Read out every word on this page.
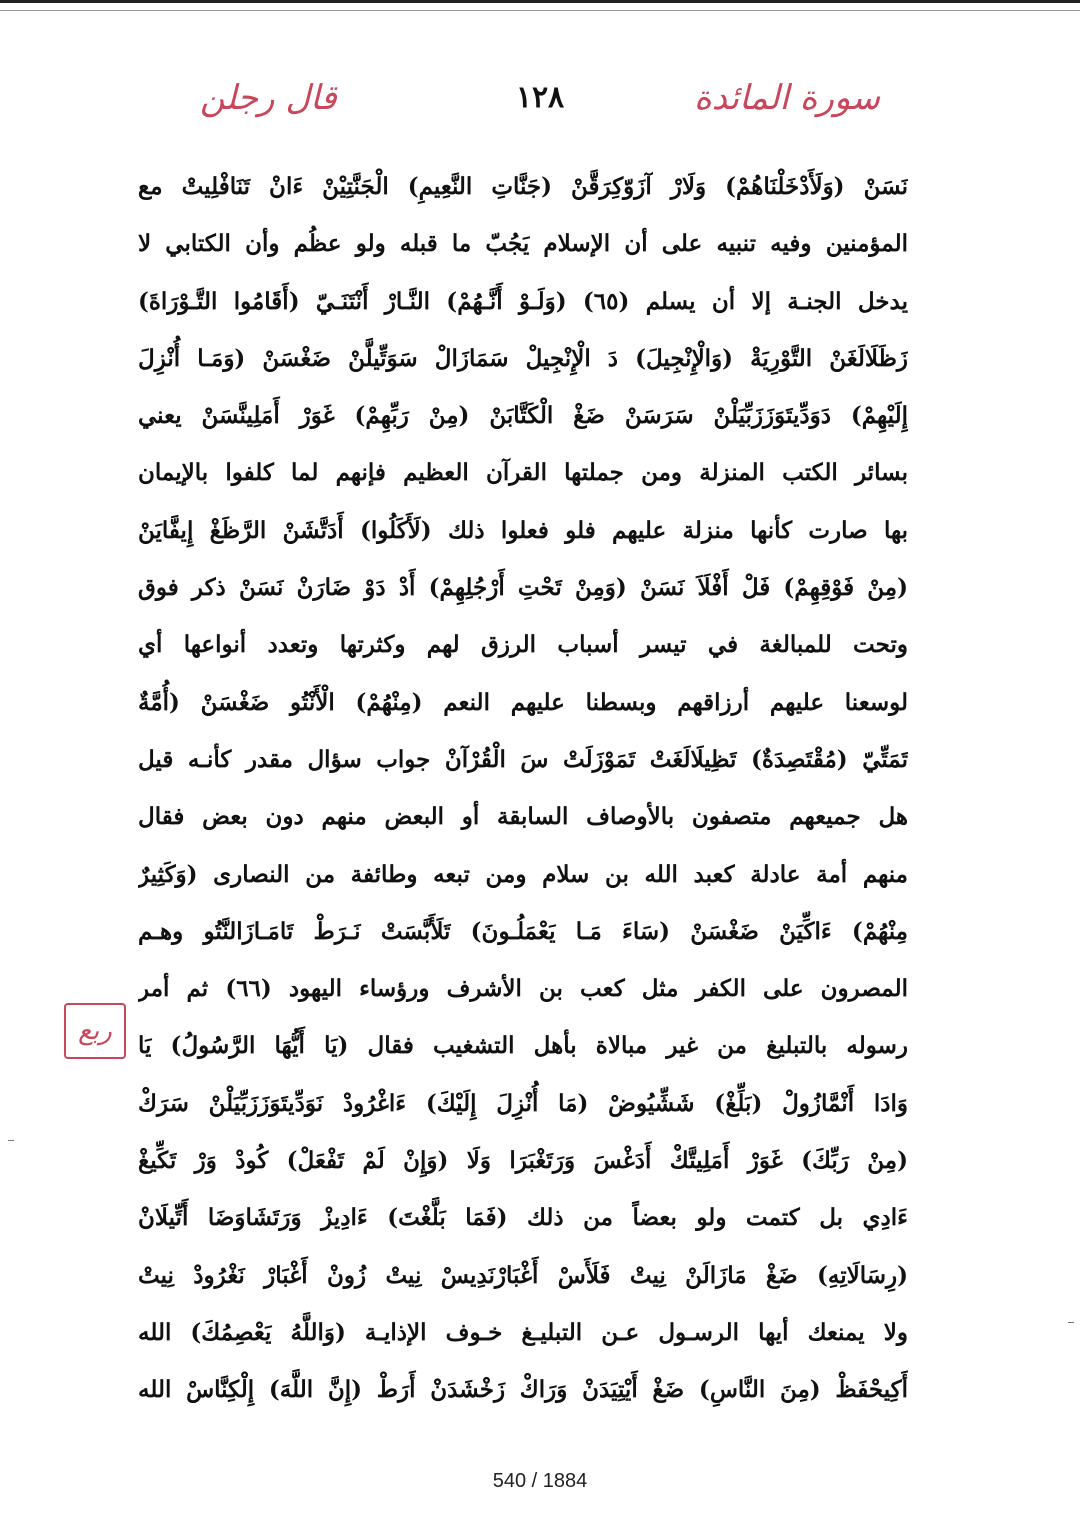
قال رجلن	١٢٨	سورة المائدة
نَسَنْ (وَلَأَدْخَلْنَاهُمْ) وَلَارْ آزَوّكِرَقَّنْ (جَنَّاتِ النَّعِيمِ) الْجَنَّتِيْنْ ءَانْ تَنَافْلِيتْ مع
المؤمنين وفيه تنبيه على أن الإسلام يَجُبّ ما قبله ولو عظُم وأن الكتابي لا
يدخل الجنـة إلا أن يسلم (٦٥) (وَلَـوْ أَنَّـهُمْ) النَّـارْ أَنْتَنَـيّ (أَقَامُوا التَّـوْرَاةَ)
زَظَلَالَغَنْ التَّوْرِيَةْ (وَالْإِنْجِيلَ) دَ الْإِنْجِيلْ سَمَازَالْ سَوَتِّيلَّنْ ضَغْسَنْ (وَمَـا أُنْزِلَ
إِلَيْهِمْ) دَوَدِّيتَوَزَزَبِّيَلْنْ سَرَسَنْ ضَغْ الْكَتَّابَنْ (مِنْ رَبِّهِمْ) غَوَرْ أَمَلِينَّسَنْ يعني
بسائر الكتب المنزلة ومن جملتها القرآن العظيم فإنهم لما كلفوا بالإيمان
بها صارت كأنها منزلة عليهم فلو فعلوا ذلك (لَأَكَلُوا) أَدَتَّشَنْ الرَّظَغْ إِيفَّايَنْ
(مِنْ فَوْقِهِمْ) فَلْ أَفْلَاَ نَسَنْ (وَمِنْ تَحْتِ أَرْجُلِهِمْ) أَدْ دَوْ ضَارَنْ نَسَنْ ذكر فوق
وتحت للمبالغة في تيسر أسباب الرزق لهم وكثرتها وتعدد أنواعها أي
لوسعنا عليهم أرزاقهم وبسطنا عليهم النعم (مِنْهُمْ) الْأَنْتُو ضَغْسَنْ (أُمَّةٌ
تَمَتِّيّ (مُقْتَصِدَةٌ) تَظِيلَالَغَتْ تَمَوْزَلَتْ سَ الْقُرْآنْ جواب سؤال مقدر كأنـه قيل
هل جميعهم متصفون بالأوصاف السابقة أو البعض منهم دون بعض فقال
منهم أمة عادلة كعبد الله بن سلام ومن تبعه وطائفة من النصارى (وَكَثِيرٌ
مِنْهُمْ) ءَاكِّيَنْ ضَغْسَنْ (سَاءَ مَـا يَعْمَلُـونَ) تَلَأَبَّسَتْ نَـرَطْ تَامَـازَالنَّتُو وهـم
المصرون على الكفر مثل كعب بن الأشرف ورؤساء اليهود (٦٦) ثم أمر
رسوله بالتبليغ من غير مبالاة بأهل التشغيب فقال (يَا أَيُّهَا الرَّسُولُ) يَا
وَادَا أَنْمَّازُولْ (بَلِّغْ) شَشِّيُوضْ (مَا أُنْزِلَ إِلَيْكَ) ءَاغْرُودْ نَوَدِّيتَوَزَزَبِّيَلْنْ سَرَكْ
(مِنْ رَبِّكَ) غَوَرْ أَمَلِيتَّكْ أَدَغْسَ وَرَتَغْبَرَا وَلَا (وَإِنْ لَمْ تَفْعَلْ) كُودْ وَرْ تَكِّيغْ
ءَادِي بل كتمت ولو بعضاً من ذلك (فَمَا بَلَّغْتَ) ءَادِيزْ وَرَتَشَاوَضَا أَتِّيلَانْ
(رِسَالَاتِهِ) ضَغْ مَازَالَنْ نِيتْ فَلَأَسْ أَغْبَارْنَدِيسْ نِيتْ زُونْ أَغْبَارْ نَغْرُودْ نِيتْ
ولا يمنعك أيها الرسـول عـن التبليـغ خـوف الإذايـة (وَاللَّهُ يَعْصِمُكَ) الله
أَكِيحْفَظْ (مِنَ النَّاسِ) ضَغْ أَيْتِيَدَنْ وَرَاكْ زَخْشَدَنْ أَرَطْ (إِنَّ اللَّهَ) إِلْكِنَّاسْ الله
ربع
540 / 1884
